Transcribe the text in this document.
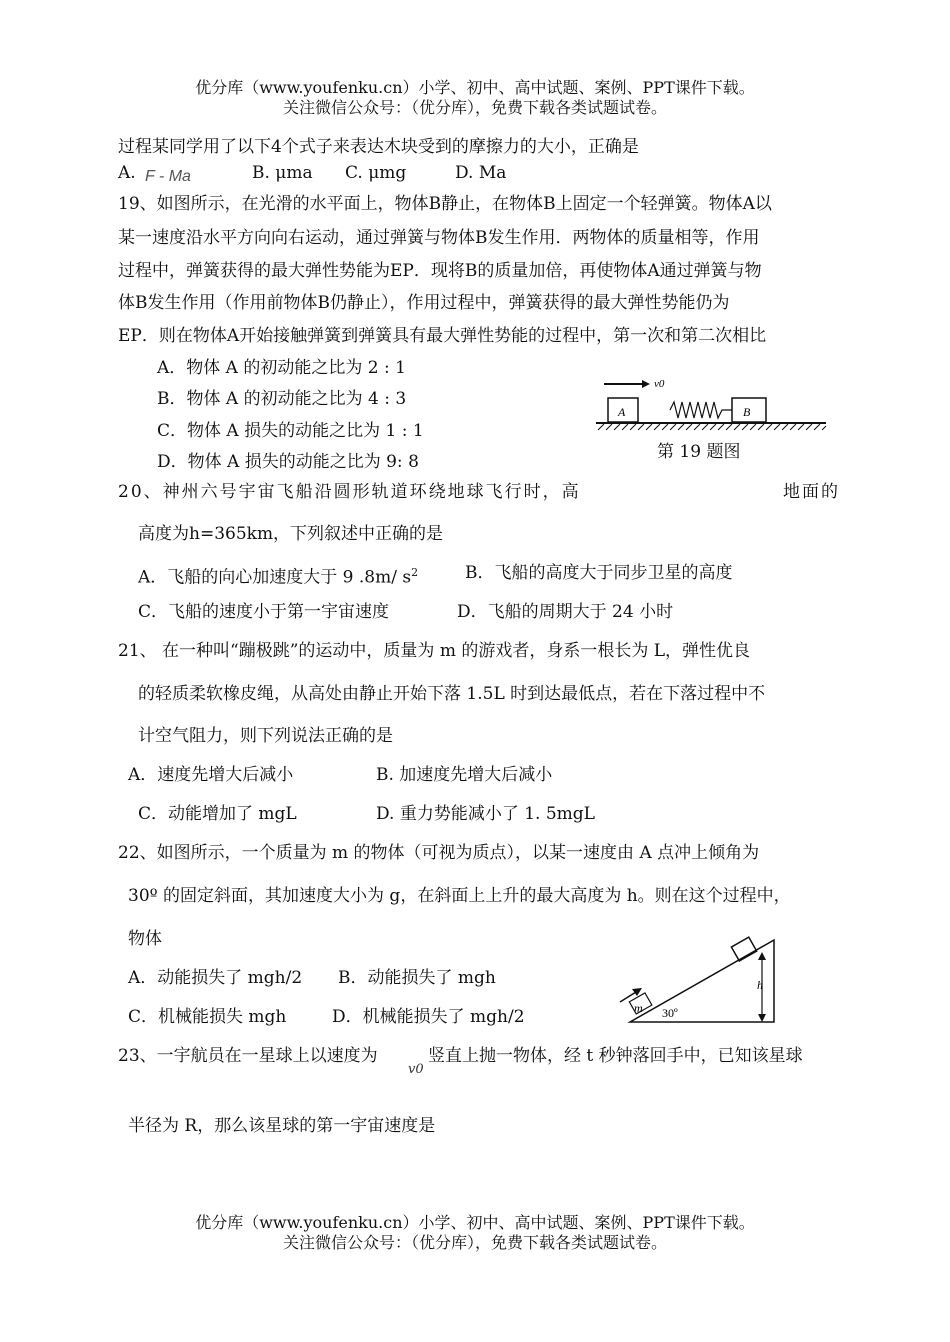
优分库（www.youfenku.cn）小学、初中、高中试题、案例、PPT课件下载。
关注微信公众号：（优分库），免费下载各类试题试卷。
过程某同学用了以下4个式子来表达木块受到的摩擦力的大小，正确是
A. F - Ma	B. μma C. μmg	D. Ma
19、如图所示，在光滑的水平面上，物体B静止，在物体B上固定一个轻弹簧。物体A以
某一速度沿水平方向向右运动，通过弹簧与物体B发生作用．两物体的质量相等，作用
过程中，弹簧获得的最大弹性势能为EP．现将B的质量加倍，再使物体A通过弹簧与物
体B发生作用（作用前物体B仍静止），作用过程中，弹簧获得的最大弹性势能仍为
EP．则在物体A开始接触弹簧到弹簧具有最大弹性势能的过程中，第一次和第二次相比
A．物体 A 的初动能之比为 2 : 1
B．物体 A 的初动能之比为 4 : 3
C．物体 A 损失的动能之比为 1 : 1
D．物体 A 损失的动能之比为 9: 8
v0
A	B
第 19 题图
20、神州六号宇宙飞船沿圆形轨道环绕地球飞行时，高	地面的
高度为h=365km，下列叙述中正确的是
A．飞船的向心加速度大于 9 .8m/ $s^2$	B．飞船的高度大于同步卫星的高度
C．飞船的速度小于第一宇宙速度	D．飞船的周期大于 24 小时
21、 在一种叫“蹦极跳”的运动中，质量为 m 的游戏者，身系一根长为 L，弹性优良
的轻质柔软橡皮绳，从高处由静止开始下落 1.5L 时到达最低点，若在下落过程中不
计空气阻力，则下列说法正确的是
A．速度先增大后减小	B. 加速度先增大后减小
C．动能增加了 mgL	D. 重力势能减小了 1. 5mgL
22、如图所示，一个质量为 m 的物体（可视为质点），以某一速度由 A 点冲上倾角为
30º 的固定斜面，其加速度大小为 g，在斜面上上升的最大高度为 h。则在这个过程中，
物体
A．动能损失了 mgh/2 B．动能损失了 mgh
C．机械能损失 mgh	D．机械能损失了 mgh/2	m 30º
h
23、一宇航员在一星球上以速度为
v0
竖直上抛一物体，经 t 秒钟落回手中，已知该星球
半径为 R，那么该星球的第一宇宙速度是
优分库（www.youfenku.cn）小学、初中、高中试题、案例、PPT课件下载。
关注微信公众号：（优分库），免费下载各类试题试卷。
